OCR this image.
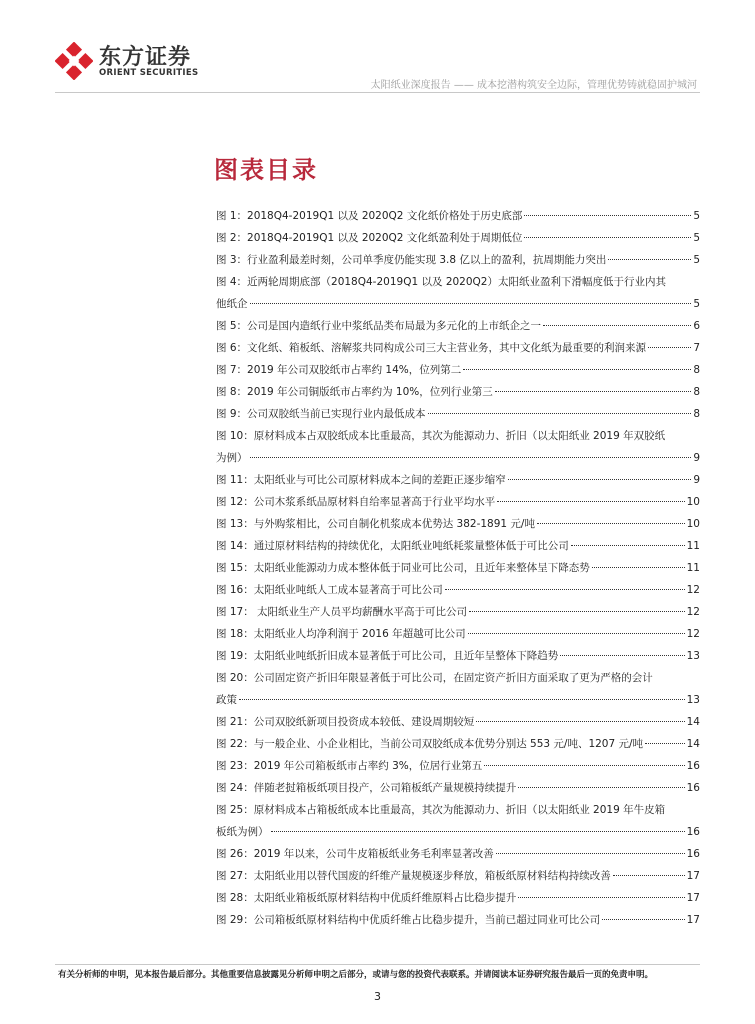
东方证券
ORIENT SECURITIES
太阳纸业深度报告 —— 成本挖潜构筑安全边际，管理优势铸就稳固护城河
图表目录
图 1：2018Q4-2019Q1 以及 2020Q2 文化纸价格处于历史底部	5
图 2：2018Q4-2019Q1 以及 2020Q2 文化纸盈利处于周期低位	5
图 3：行业盈利最差时刻，公司单季度仍能实现 3.8 亿以上的盈利，抗周期能力突出	5
图 4：近两轮周期底部（2018Q4-2019Q1 以及 2020Q2）太阳纸业盈利下滑幅度低于行业内其
他纸企	5
图 5：公司是国内造纸行业中浆纸品类布局最为多元化的上市纸企之一	6
图 6：文化纸、箱板纸、溶解浆共同构成公司三大主营业务，其中文化纸为最重要的利润来源	7
图 7：2019 年公司双胶纸市占率约 14%，位列第二	8
图 8：2019 年公司铜版纸市占率约为 10%，位列行业第三	8
图 9：公司双胶纸当前已实现行业内最低成本	8
图 10：原材料成本占双胶纸成本比重最高，其次为能源动力、折旧（以太阳纸业 2019 年双胶纸
为例）	9
图 11：太阳纸业与可比公司原材料成本之间的差距正逐步缩窄	9
图 12：公司木浆系纸品原材料自给率显著高于行业平均水平	10
图 13：与外购浆相比，公司自制化机浆成本优势达 382-1891 元/吨	10
图 14：通过原材料结构的持续优化，太阳纸业吨纸耗浆量整体低于可比公司	11
图 15：太阳纸业能源动力成本整体低于同业可比公司，且近年来整体呈下降态势	11
图 16：太阳纸业吨纸人工成本显著高于可比公司	12
图 17： 太阳纸业生产人员平均薪酬水平高于可比公司	12
图 18：太阳纸业人均净利润于 2016 年超越可比公司	12
图 19：太阳纸业吨纸折旧成本显著低于可比公司，且近年呈整体下降趋势	13
图 20：公司固定资产折旧年限显著低于可比公司，在固定资产折旧方面采取了更为严格的会计
政策	13
图 21：公司双胶纸新项目投资成本较低、建设周期较短	14
图 22：与一般企业、小企业相比，当前公司双胶纸成本优势分别达 553 元/吨、1207 元/吨	14
图 23：2019 年公司箱板纸市占率约 3%，位居行业第五	16
图 24：伴随老挝箱板纸项目投产，公司箱板纸产量规模持续提升	16
图 25：原材料成本占箱板纸成本比重最高，其次为能源动力、折旧（以太阳纸业 2019 年牛皮箱
板纸为例）	16
图 26：2019 年以来，公司牛皮箱板纸业务毛利率显著改善	16
图 27：太阳纸业用以替代国废的纤维产量规模逐步释放，箱板纸原材料结构持续改善	17
图 28：太阳纸业箱板纸原材料结构中优质纤维原料占比稳步提升	17
图 29：公司箱板纸原材料结构中优质纤维占比稳步提升，当前已超过同业可比公司	17
有关分析师的申明，见本报告最后部分。其他重要信息披露见分析师申明之后部分，或请与您的投资代表联系。并请阅读本证券研究报告最后一页的免责申明。
3
